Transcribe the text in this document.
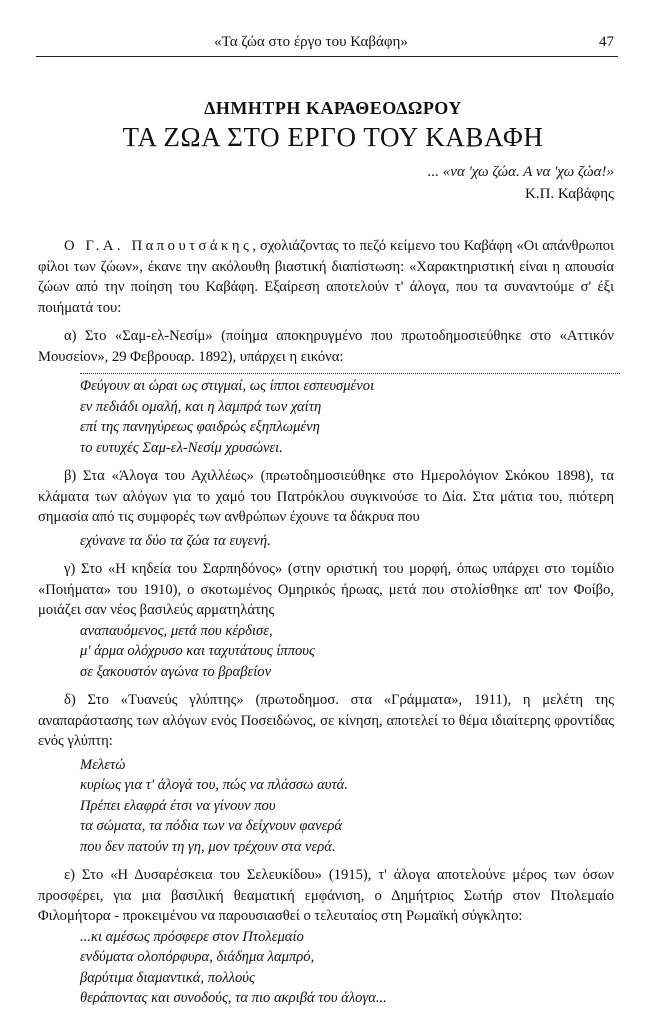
«Τα ζώα στο έργο του Καβάφη»	47
ΔΗΜΗΤΡΗ ΚΑΡΑΘΕΟΔΩΡΟΥ
ΤΑ ΖΩΑ ΣΤΟ ΕΡΓΟ ΤΟΥ ΚΑΒΑΦΗ
... «να 'χω ζώα. Α να 'χω ζώα!»
Κ.Π. Καβάφης

Ο Γ.Α. Παπουτσάκης, σχολιάζοντας το πεζό κείμενο του Καβάφη «Οι απάνθρωποι φίλοι των ζώων», έκανε την ακόλουθη βιαστική διαπίστωση: «Χαρακτηριστική είναι η απουσία ζώων από την ποίηση του Καβάφη. Εξαίρεση αποτελούν τ' άλογα, που τα συναντούμε σ' έξι ποιήματά του:

α) Στο «Σαμ-ελ-Νεσίμ» (ποίημα αποκηρυγμένο που πρωτοδημοσιεύθηκε στο «Αττικόν Μουσείον», 29 Φεβρουαρ. 1892), υπάρχει η εικόνα:

Φεύγουν αι ώραι ως στιγμαί, ως ίπποι εσπευσμένοι
εν πεδιάδι ομαλή, και η λαμπρά των χαίτη
επί της πανηγύρεως φαιδρώς εξηπλωμένη
το ευτυχές Σαμ-ελ-Νεσίμ χρυσώνει.

β) Στα «Άλογα του Αχιλλέως» (πρωτοδημοσιεύθηκε στο Ημερολόγιον Σκόκου 1898), τα κλάματα των αλόγων για το χαμό του Πατρόκλου συγκινούσε το Δία. Στα μάτια του, πιότερη σημασία από τις συμφορές των ανθρώπων έχουνε τα δάκρυα που

εχύνανε τα δύο τα ζώα τα ευγενή.

γ) Στο «Η κηδεία του Σαρπηδόνος» (στην οριστική του μορφή, όπως υπάρχει στο τομίδιο «Ποιήματα» του 1910), ο σκοτωμένος Ομηρικός ήρωας, μετά που στολίσθηκε απ' τον Φοίβο, μοιάζει σαν νέος βασιλεύς αρματηλάτης

αναπαυόμενος, μετά που κέρδισε,
μ' άρμα ολόχρυσο και ταχυτάτους ίππους
σε ξακουστόν αγώνα το βραβείον

δ) Στο «Τυανεύς γλύπτης» (πρωτοδημοσ. στα «Γράμματα», 1911), η μελέτη της αναπαράστασης των αλόγων ενός Ποσειδώνος, σε κίνηση, αποτελεί το θέμα ιδιαίτερης φροντίδας ενός γλύπτη:

Μελετώ
κυρίως για τ' άλογά του, πώς να πλάσσω αυτά.
Πρέπει ελαφρά έτσι να γίνουν που
τα σώματα, τα πόδια των να δείχνουν φανερά
που δεν πατούν τη γη, μον τρέχουν στα νερά.

ε) Στο «Η Δυσαρέσκεια του Σελευκίδου» (1915), τ' άλογα αποτελούνε μέρος των όσων προσφέρει, για μια βασιλική θεαματική εμφάνιση, ο Δημήτριος Σωτήρ στον Πτολεμαίο Φιλομήτορα - προκειμένου να παρουσιασθεί ο τελευταίος στη Ρωμαϊκή σύγκλητο:

...κι αμέσως πρόσφερε στον Πτολεμαίο
ενδύματα ολοπόρφυρα, διάδημα λαμπρό,
βαρύτιμα διαμαντικά, πολλούς
θεράποντας και συνοδούς, τα πιο ακριβά του άλογα...
